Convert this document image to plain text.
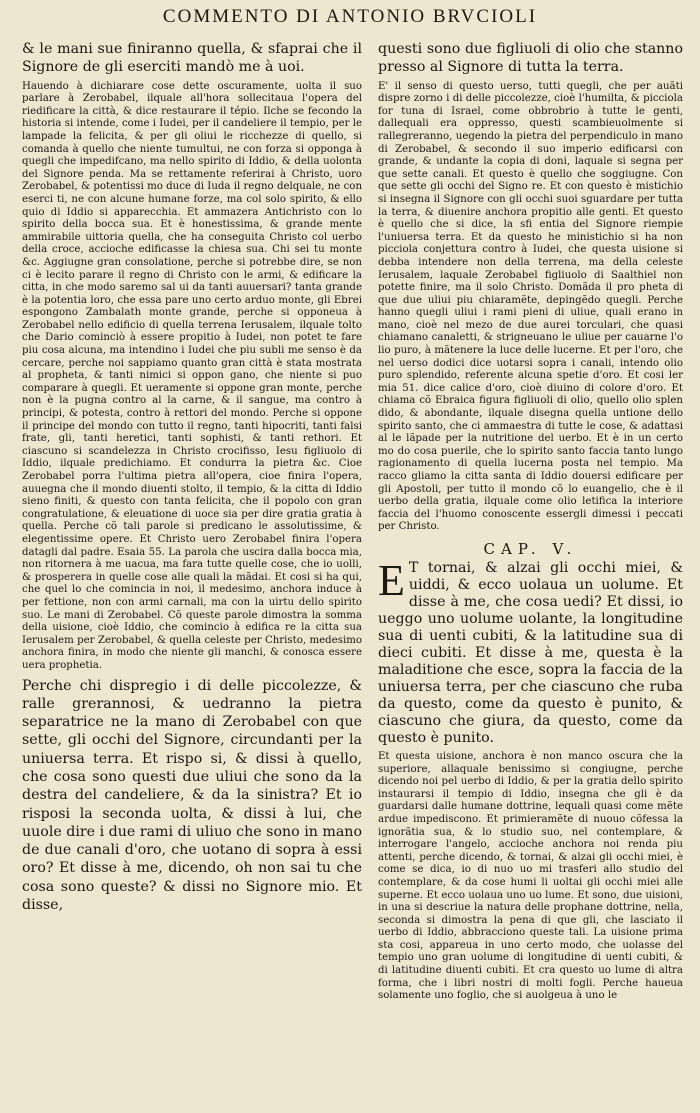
COMMENTO DI ANTONIO BRVCIOLI

& le mani sue finiranno quella, & sfaprai che il Signore de gli eserciti mandò me à uoi.

Hauendo à dichiarare cose dette oscuramente, uolta il suo parlare à Zerobabel, ilquale all'hora sollecitaua l'opera del riedificare la città, & dice restaurare il tépio. Ilche se fecondo la historia si intende, come i Iudei, per il candeliere il tempio, per le lampade la felicita, & per gli oliui le ricchezze di quello, si comanda à quello che niente tumultui, ne con forza si opponga à quegli che impedifcano, ma nello spirito di Iddio, & della uolonta del Signore penda. Ma se rettamente referirai à Christo, uoro Zerobabel, & potentissi mo duce di Iuda il regno delquale, ne con eserci ti, ne con alcune humane forze, ma col solo spirito, & ello quio di Iddio si apparecchia. Et ammazera Antichristo con lo spirito della bocca sua. Et è honestissima, & grande mente ammirabile uittoria quella, che ha conseguita Christo col uerbo della croce, accioche edificasse la chiesa sua. Chi sei tu monte &c. Aggiugne gran consolatione, perche si potrebbe dire, se non ci è lecito parare il regno di Christo con le armi, & edificare la citta, in che modo saremo sal ui da tanti auuersari? tanta grande è la potentia loro, che essa pare uno certo arduo monte, gli Ebrei espongono Zambalath monte grande, perche si opponeua à Zerobabel nello edificio di quella terrena Ierusalem, ilquale tolto che Dario cominciò à essere propitio à Iudei, non potet te fare piu cosa alcuna, ma intendino i Iudei che piu subli me senso è da cercare, perche noi sappiamo quanto gran città è stata mostrata al propheta, & tanti nimici si oppon gano, che niente si puo comparare à quegli. Et ueramente si oppone gran monte, perche non è la pugna contro al la carne, & il sangue, ma contro à principi, & potesta, contro à rettori del mondo. Perche si oppone il principe del mondo con tutto il regno, tanti hipocriti, tanti falsi frate, gli, tanti heretici, tanti sophisti, & tanti rethori. Et ciascuno si scandelezza in Christo crocifisso, Iesu figliuolo di Iddio, ilquale predichiamo. Et condurra la pietra &c. Cioe Zerobabel porra l'ultima pietra all'opera, cioe finira l'opera, auuegna che il mondo diuenti stolto, il tempio, & la citta di Iddio sieno finiti, & questo con tanta felicita, che il popolo con gran congratulatione, & eleuatione di uoce sia per dire gratia gratia à quella. Perche cõ tali parole si predicano le assolutissime, & elegentissime opere. Et Christo uero Zerobabel finira l'opera datagli dal padre. Esaia 55. La parola che uscira dalla bocca mia, non ritornera à me uacua, ma fara tutte quelle cose, che io uolli, & prosperera in quelle cose alle quali la mãdai. Et cosi si ha qui, che quel lo che comincia in noi, il medesimo, anchora induce à per fettione, non con armi carnali, ma con la uirtu dello spirito suo. Le mani di Zerobabel. Cõ queste parole dimostra la somma della uisione, cioè Iddio, che comincio à edifica re la citta sua Ierusalem per Zerobabel, & quella celeste per Christo, medesimo anchora finira, in modo che niente gli manchi, & conosca essere uera prophetia.

Perche chi dispregio i di delle piccolezze, & ralle grerannosi, & uedranno la pietra separatrice ne la mano di Zerobabel con que sette, gli occhi del Signore, circundanti per la uniuersa terra. Et rispo si, & dissi à quello, che cosa sono questi due uliui che sono da la destra del candeliere, & da la sinistra? Et io risposi la seconda uolta, & dissi à lui, che uuole dire i due rami di uliuo che sono in mano de due canali d'oro, che uotano di sopra à essi oro? Et disse à me, dicendo, oh non sai tu che cosa sono queste? & dissi no Signore mio. Et disse,

questi sono due figliuoli di olio che stanno presso al Signore di tutta la terra.

E' il senso di questo uerso, tutti quegli, che per auãti dispre zorno i di delle piccolezze, cioè l'humilta, & picciola for tuna di Israel, come obbrobrio à tutte le genti, dallequali era oppresso, questi scambieuolmente si rallegreranno, uegendo la pietra del perpendiculo in mano di Zerobabel, & secondo il suo imperio edificarsi con grande, & undante la copia di doni, laquale si segna per que sette canali. Et questo è quello che soggiugne. Con que sette gli occhi del Signo re. Et con questo è mistichio si insegna il Signore con gli occhi suoi sguardare per tutta la terra, & diuenire anchora propitio alle genti. Et questo è quello che si dice, la sfi entia del Signore riempie l'uniuersa terra. Et da questo he ministichio si ha non picciola conjettura contro à Iudei, che questa uisione si debba intendere non della terrena, ma della celeste Ierusalem, laquale Zerobabel figliuolo di Saalthiel non potette finire, ma il solo Christo. Domãda il pro pheta di que due uliui piu chiaramẽte, depingẽdo quegli. Perche hanno quegli uliui i rami pieni di uliue, quali erano in mano, cioè nel mezo de due aurei torculari, che quasi chiamano canaletti, & strigneuano le uliue per cauarne l'o lio puro, à mãtenere la luce delle lucerne. Et per l'oro, che nel uerso dodici dice uotarsi sopra i canali, intendo olio puro splendido, referente alcuna spetie d'oro. Et cosi ler mia 51. dice calice d'oro, cioè diuino di colore d'oro. Et chiama cõ Ebraica figura figliuoli di olio, quello olio splen dido, & abondante, ilquale disegna quella untione dello spirito santo, che ci ammaestra di tutte le cose, & adattasi al le lãpade per la nutritione del uerbo. Et è in un certo mo do cosa puerile, che lo spirito santo faccia tanto lungo ragionamento di quella lucerna posta nel tempio. Ma racco gliamo la citta santa di Iddio douersi edificare per gli Apostoli, per tutto il mondo cõ lo euangelio, che è il uerbo della gratia, ilquale come olio letifica la interiore faccia del l'huomo conoscente essergli dimessi i peccati per Christo.

CAP. V.

E T tornai, & alzai gli occhi miei, & uiddi, & ecco uolaua un uolume. Et disse à me, che cosa uedi? Et dissi, io ueggo uno uolume uolante, la longitudine sua di uenti cubiti, & la latitudine sua di dieci cubiti. Et disse à me, questa è la maladitione che esce, sopra la faccia de la uniuersa terra, per che ciascuno che ruba da questo, come da questo è punito, & ciascuno che giura, da questo, come da questo è punito.

Et questa uisione, anchora è non manco oscura che la superiore, allaquale benissimo si congiugne, perche dicendo noi pel uerbo di Iddio, & per la gratia dello spirito instaurarsi il tempio di Iddio, insegna che gli è da guardarsi dalle humane dottrine, lequali quasi come mẽte ardue impediscono. Et primieramẽte di nuouo cõfessa la ignorãtia sua, & lo studio suo, nel contemplare, & interrogare l'angelo, accioche anchora noi renda piu attenti, perche dicendo, & tornai, & alzai gli occhi miei, è come se dica, io di nuo uo mi trasferi allo studio del contemplare, & da cose humi li uoltai gli occhi miei alle superne. Et ecco uolaua uno uo lume. Et sono, due uisioni, in una si descriue la natura delle prophane dottrine, nella, seconda si dimostra la pena di que gli, che lasciato il uerbo di Iddio, abbracciono queste tali. La uisione prima sta cosi, appareua in uno certo modo, che uolasse del tempio uno gran uolume di longitudine di uenti cubiti, & di latitudine diuenti cubiti. Et cra questo uo lume di altra forma, che i libri nostri di molti fogli. Perche haueua solamente uno foglio, che si auolgeua à uno le
